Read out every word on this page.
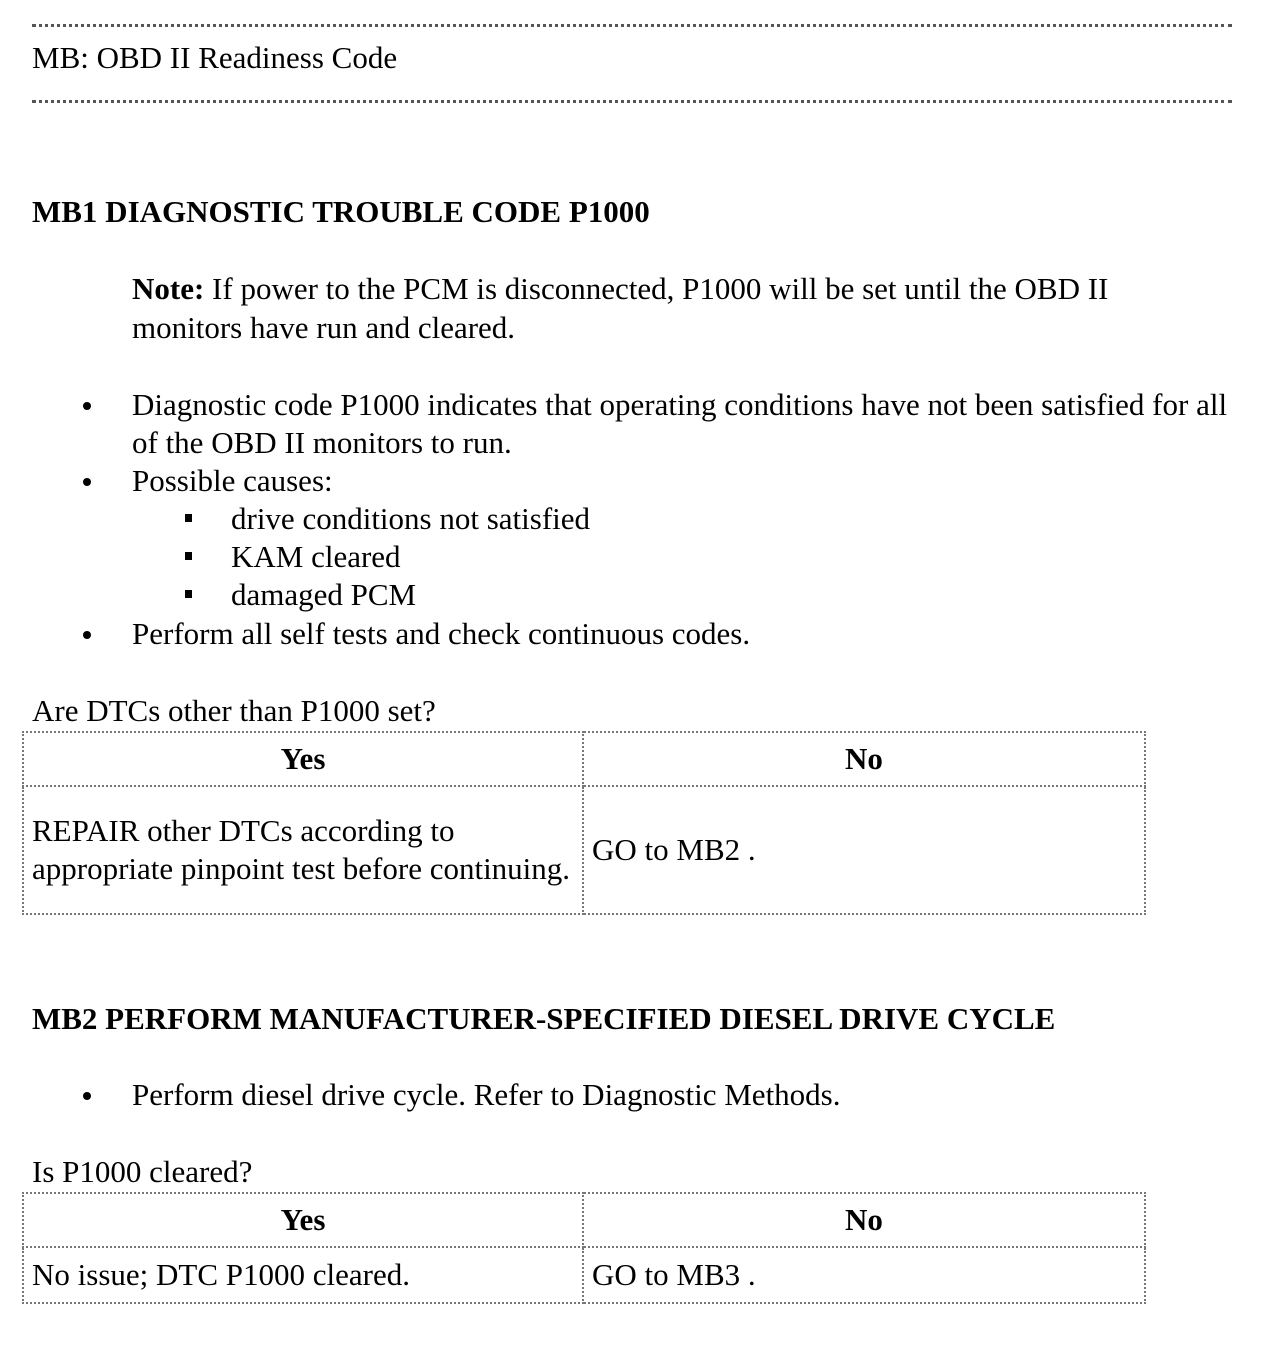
MB: OBD II Readiness Code
MB1 DIAGNOSTIC TROUBLE CODE P1000
Note: If power to the PCM is disconnected, P1000 will be set until the OBD II monitors have run and cleared.
Diagnostic code P1000 indicates that operating conditions have not been satisfied for all of the OBD II monitors to run.
Possible causes:
drive conditions not satisfied
KAM cleared
damaged PCM
Perform all self tests and check continuous codes.
Are DTCs other than P1000 set?
Yes	No
REPAIR other DTCs according to appropriate pinpoint test before continuing.	GO to MB2 .
MB2 PERFORM MANUFACTURER-SPECIFIED DIESEL DRIVE CYCLE
Perform diesel drive cycle. Refer to Diagnostic Methods.
Is P1000 cleared?
Yes	No
No issue; DTC P1000 cleared.	GO to MB3 .
